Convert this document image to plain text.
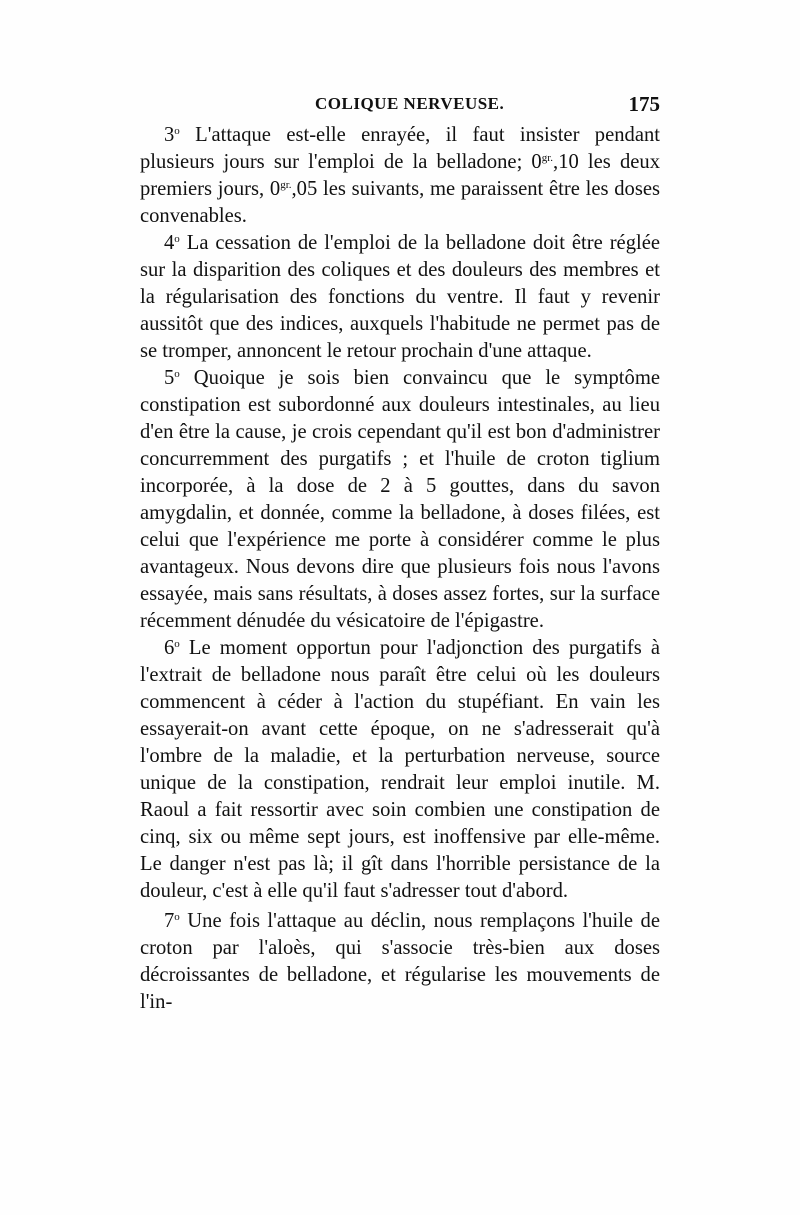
COLIQUE NERVEUSE.	175

3$^o$ L'attaque est-elle enrayée, il faut insister pendant plusieurs jours sur l'emploi de la belladone; $0^{gr.},10$ les deux premiers jours, $0^{gr.},05$ les suivants, me paraissent être les doses convenables.

4$^o$ La cessation de l'emploi de la belladone doit être réglée sur la disparition des coliques et des douleurs des membres et la régularisation des fonctions du ventre. Il faut y revenir aussitôt que des indices, auxquels l'habitude ne permet pas de se tromper, annoncent le retour prochain d'une attaque.

5$^o$ Quoique je sois bien convaincu que le symptôme constipation est subordonné aux douleurs intestinales, au lieu d'en être la cause, je crois cependant qu'il est bon d'administrer concurremment des purgatifs ; et l'huile de croton tiglium incorporée, à la dose de 2 à 5 gouttes, dans du savon amygdalin, et donnée, comme la belladone, à doses filées, est celui que l'expérience me porte à considérer comme le plus avantageux. Nous devons dire que plusieurs fois nous l'avons essayée, mais sans résultats, à doses assez fortes, sur la surface récemment dénudée du vésicatoire de l'épigastre.

6$^o$ Le moment opportun pour l'adjonction des purgatifs à l'extrait de belladone nous paraît être celui où les douleurs commencent à céder à l'action du stupéfiant. En vain les essayerait-on avant cette époque, on ne s'adresserait qu'à l'ombre de la maladie, et la perturbation nerveuse, source unique de la constipation, rendrait leur emploi inutile. M. Raoul a fait ressortir avec soin combien une constipation de cinq, six ou même sept jours, est inoffensive par elle-même. Le danger n'est pas là; il gît dans l'horrible persistance de la douleur, c'est à elle qu'il faut s'adresser tout d'abord.

7$^o$ Une fois l'attaque au déclin, nous remplaçons l'huile de croton par l'aloès, qui s'associe très-bien aux doses décroissantes de belladone, et régularise les mouvements de l'in-
